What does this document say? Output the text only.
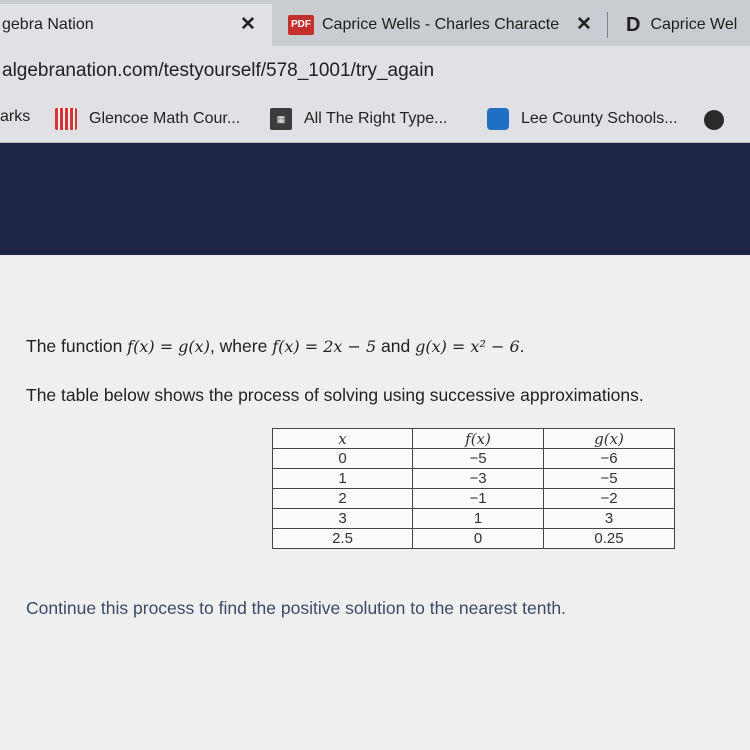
gebra Nation	✕	PDF Caprice Wells - Charles Characte ✕ D Caprice Wel
algebranation.com/testyourself/578_1001/try_again
arks	Glencoe Math Cour...	▦	All The Right Type...	Lee County Schools...
The function f(x) = g(x), where f(x) = 2x − 5 and g(x) = x² − 6.
The table below shows the process of solving using successive approximations.
x	f(x)	g(x)
0	−5	−6
1	−3	−5
2	−1	−2
3	1	3
2.5	0	0.25
Continue this process to find the positive solution to the nearest tenth.
